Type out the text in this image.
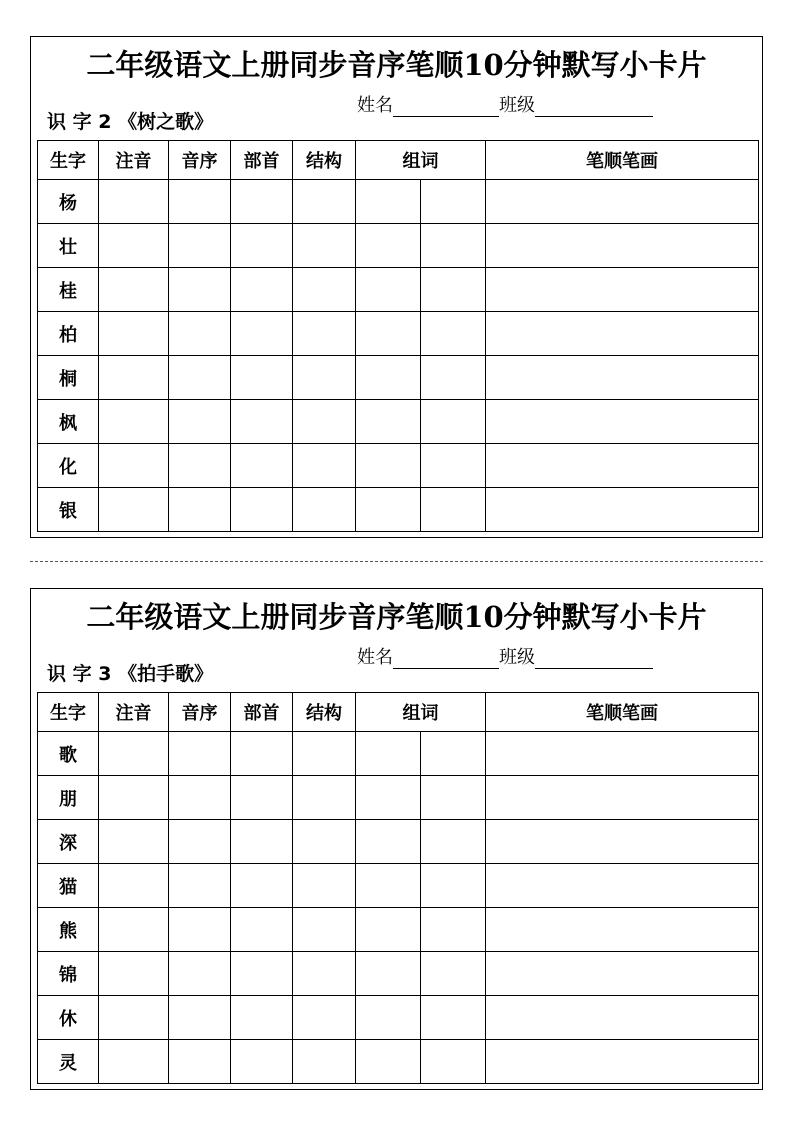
二年级语文上册同步音序笔顺10分钟默写小卡片
识 字 2 《树之歌》
姓名	班级
生字	注音	音序	部首	结构	组词		笔顺笔画
杨							
壮							
桂							
柏							
桐							
枫							
化							
银							
二年级语文上册同步音序笔顺10分钟默写小卡片
识 字 3 《拍手歌》
姓名	班级
生字	注音	音序	部首	结构	组词		笔顺笔画
歌							
朋							
深							
猫							
熊							
锦							
休							
灵							
